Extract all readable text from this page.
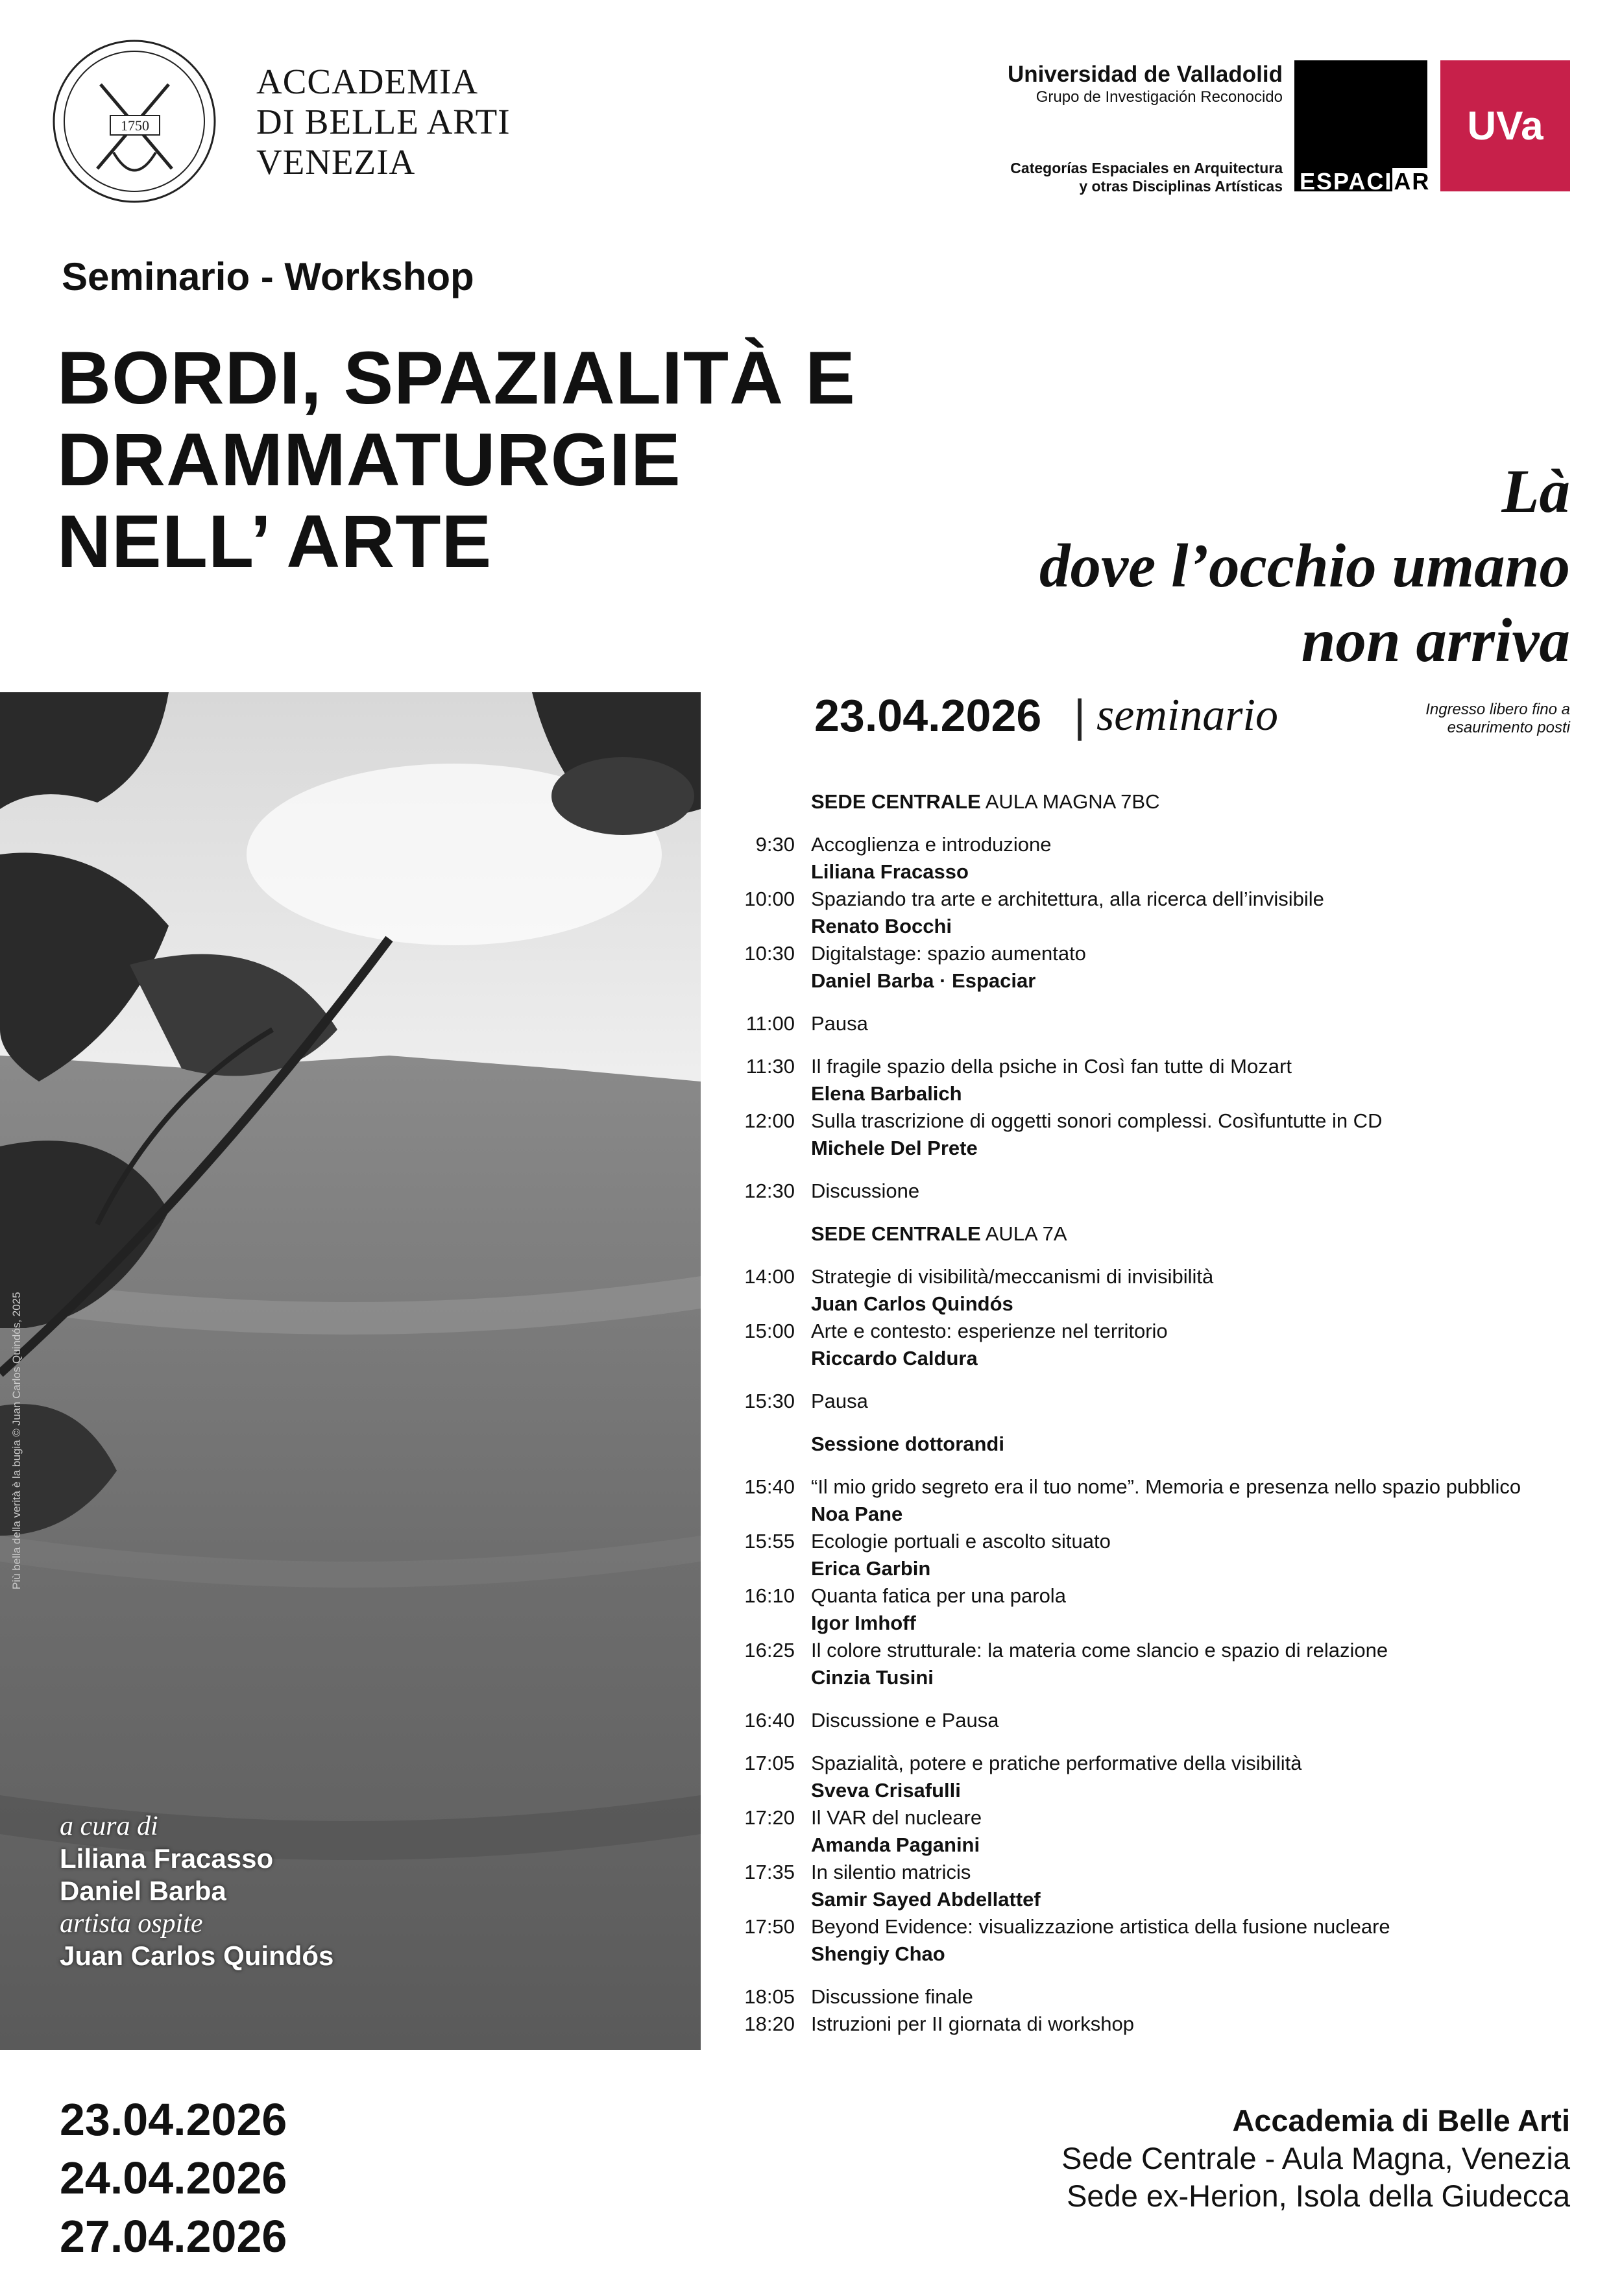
1750
ACCADEMIA
DI BELLE ARTI
VENEZIA
Universidad de Valladolid
Grupo de Investigación Reconocido
Categorías Espaciales en Arquitectura
y otras Disciplinas Artísticas ESPACIAR
UVa
Seminario - Workshop
BORDI, SPAZIALITÀ E
DRAMMATURGIE
NELL’ ARTE
Là
dove l’occhio umano
non arriva
Più bella della verità è la bugia © Juan Carlos Quindós, 2025
a cura di
Liliana Fracasso
Daniel Barba
artista ospite
Juan Carlos Quindós
23.04.2026 | seminario	Ingresso libero fino a
esaurimento posti
SEDE CENTRALE AULA MAGNA 7BC
9:30 Accoglienza e introduzione
Liliana Fracasso
10:00 Spaziando tra arte e architettura, alla ricerca dell’invisibile
Renato Bocchi
10:30 Digitalstage: spazio aumentato
Daniel Barba · Espaciar
11:00 Pausa
11:30 Il fragile spazio della psiche in Così fan tutte di Mozart
Elena Barbalich
12:00 Sulla trascrizione di oggetti sonori complessi. Cosìfuntutte in CD
Michele Del Prete
12:30 Discussione
SEDE CENTRALE AULA 7A
14:00 Strategie di visibilità/meccanismi di invisibilità
Juan Carlos Quindós
15:00 Arte e contesto: esperienze nel territorio
Riccardo Caldura
15:30 Pausa
Sessione dottorandi
15:40 “Il mio grido segreto era il tuo nome”. Memoria e presenza nello spazio pubblico
Noa Pane
15:55 Ecologie portuali e ascolto situato
Erica Garbin
16:10 Quanta fatica per una parola
Igor Imhoff
16:25 Il colore strutturale: la materia come slancio e spazio di relazione
Cinzia Tusini
16:40 Discussione e Pausa
17:05 Spazialità, potere e pratiche performative della visibilità
Sveva Crisafulli
17:20 Il VAR del nucleare
Amanda Paganini
17:35 In silentio matricis
Samir Sayed Abdellattef
17:50 Beyond Evidence: visualizzazione artistica della fusione nucleare
Shengiy Chao
18:05 Discussione finale
18:20 Istruzioni per II giornata di workshop
23.04.2026
24.04.2026
27.04.2026
Accademia di Belle Arti
Sede Centrale - Aula Magna, Venezia
Sede ex-Herion, Isola della Giudecca
